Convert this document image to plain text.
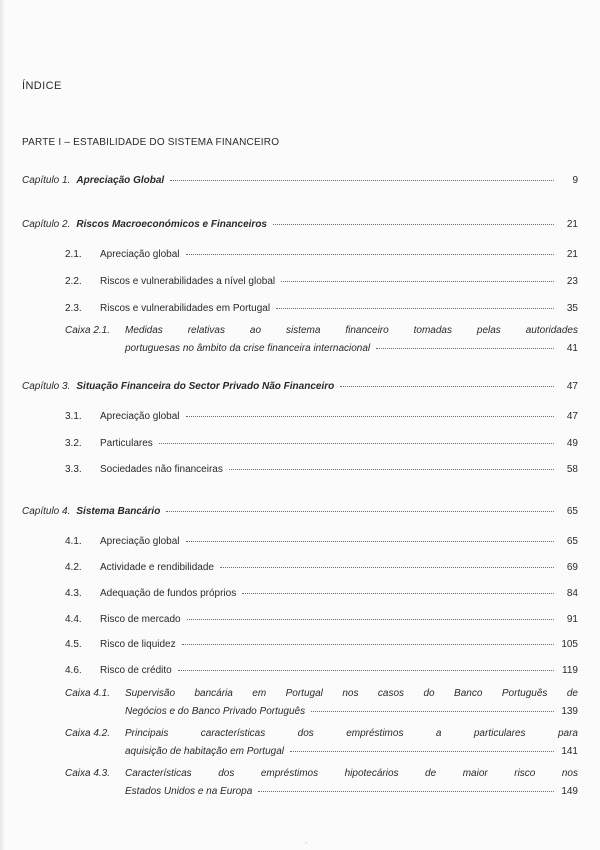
ÍNDICE
PARTE I – ESTABILIDADE DO SISTEMA FINANCEIRO
Capítulo 1. Apreciação Global	9
Capítulo 2. Riscos Macroeconómicos e Financeiros	21
2.1.	Apreciação global	21
2.2.	Riscos e vulnerabilidades a nível global	23
2.3.	Riscos e vulnerabilidades em Portugal	35
Caixa 2.1. Medidas relativas ao sistema financeiro tomadas pelas autoridades
portuguesas no âmbito da crise financeira internacional	41
Capítulo 3. Situação Financeira do Sector Privado Não Financeiro	47
3.1.	Apreciação global	47
3.2.	Particulares	49
3.3.	Sociedades não financeiras	58
Capítulo 4. Sistema Bancário	65
4.1.	Apreciação global	65
4.2.	Actividade e rendibilidade	69
4.3.	Adequação de fundos próprios	84
4.4.	Risco de mercado	91
4.5.	Risco de liquidez	105
4.6.	Risco de crédito	119
Caixa 4.1. Supervisão bancária em Portugal nos casos do Banco Português de
Negócios e do Banco Privado Português	139
Caixa 4.2. Principais características dos empréstimos a particulares para
aquisição de habitação em Portugal	141
Caixa 4.3. Características dos empréstimos hipotecários de maior risco nos
Estados Unidos e na Europa	149
-
